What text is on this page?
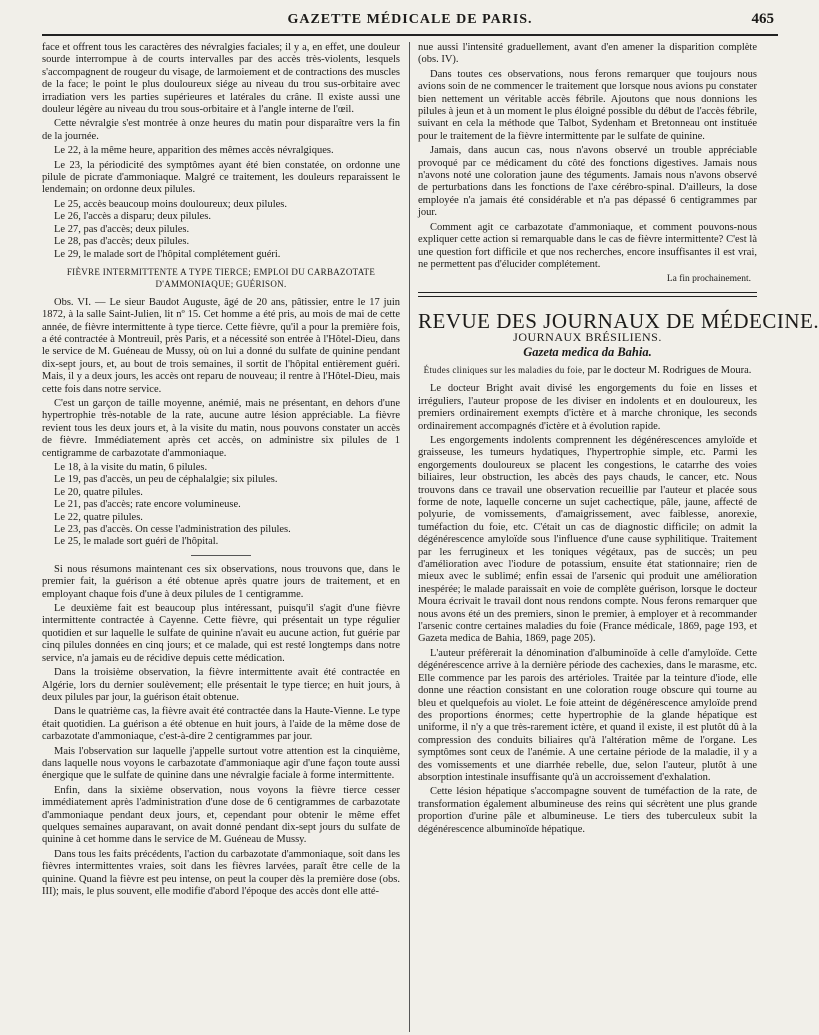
GAZETTE MÉDICALE DE PARIS.	465

face et offrent tous les caractères des névralgies faciales; il y a, en effet, une douleur sourde interrompue à de courts intervalles par des accès très-violents, lesquels s'accompagnent de rougeur du visage, de larmoiement et de contractions des muscles de la face; le point le plus douloureux siége au niveau du trou sus-orbitaire avec irradiation vers les parties supérieures et latérales du crâne. Il existe aussi une douleur légère au niveau du trou sous-orbitaire et à l'angle interne de l'œil.

Cette névralgie s'est montrée à onze heures du matin pour disparaître vers la fin de la journée.

Le 22, à la même heure, apparition des mêmes accès névralgiques.

Le 23, la périodicité des symptômes ayant été bien constatée, on ordonne une pilule de picrate d'ammoniaque. Malgré ce traitement, les douleurs reparaissent le lendemain; on ordonne deux pilules.

Le 25, accès beaucoup moins douloureux; deux pilules.

Le 26, l'accès a disparu; deux pilules.

Le 27, pas d'accès; deux pilules.

Le 28, pas d'accès; deux pilules.

Le 29, le malade sort de l'hôpital complétement guéri.

FIÈVRE INTERMITTENTE A TYPE TIERCE; EMPLOI DU CARBAZOTATE D'AMMONIAQUE; GUÉRISON.

Obs. VI. — Le sieur Baudot Auguste, âgé de 20 ans, pâtissier, entre le 17 juin 1872, à la salle Saint-Julien, lit nº 15. Cet homme a été pris, au mois de mai de cette année, de fièvre intermittente à type tierce. Cette fièvre, qu'il a pour la première fois, a été contractée à Montreuil, près Paris, et a nécessité son entrée à l'Hôtel-Dieu, dans le service de M. Guéneau de Mussy, où on lui a donné du sulfate de quinine pendant dix-sept jours, et, au bout de trois semaines, il sortit de l'hôpital entièrement guéri. Mais, il y a deux jours, les accès ont reparu de nouveau; il rentre à l'Hôtel-Dieu, mais cette fois dans notre service.

C'est un garçon de taille moyenne, anémié, mais ne présentant, en dehors d'une hypertrophie très-notable de la rate, aucune autre lésion appréciable. La fièvre revient tous les deux jours et, à la visite du matin, nous pouvons constater un accès de fièvre. Immédiatement après cet accès, on administre six pilules de 1 centigramme de carbazotate d'ammoniaque.

Le 18, à la visite du matin, 6 pilules.

Le 19, pas d'accès, un peu de céphalalgie; six pilules.

Le 20, quatre pilules.

Le 21, pas d'accès; rate encore volumineuse.

Le 22, quatre pilules.

Le 23, pas d'accès. On cesse l'administration des pilules.

Le 25, le malade sort guéri de l'hôpital.

Si nous résumons maintenant ces six observations, nous trouvons que, dans le premier fait, la guérison a été obtenue après quatre jours de traitement, et en employant chaque fois d'une à deux pilules de 1 centigramme.

Le deuxième fait est beaucoup plus intéressant, puisqu'il s'agit d'une fièvre intermittente contractée à Cayenne. Cette fièvre, qui présentait un type régulier quotidien et sur laquelle le sulfate de quinine n'avait eu aucune action, fut guérie par cinq pilules données en cinq jours; et ce malade, qui est resté longtemps dans notre service, n'a jamais eu de récidive depuis cette médication.

Dans la troisième observation, la fièvre intermittente avait été contractée en Algérie, lors du dernier soulèvement; elle présentait le type tierce; en huit jours, à deux pilules par jour, la guérison était obtenue.

Dans le quatrième cas, la fièvre avait été contractée dans la Haute-Vienne. Le type était quotidien. La guérison a été obtenue en huit jours, à l'aide de la même dose de carbazotate d'ammoniaque, c'est-à-dire 2 centigrammes par jour.

Mais l'observation sur laquelle j'appelle surtout votre attention est la cinquième, dans laquelle nous voyons le carbazotate d'ammoniaque agir d'une façon toute aussi énergique que le sulfate de quinine dans une névralgie faciale à forme intermittente.

Enfin, dans la sixième observation, nous voyons la fièvre tierce cesser immédiatement après l'administration d'une dose de 6 centigrammes de carbazotate d'ammoniaque pendant deux jours, et, cependant pour obtenir le même effet quelques semaines auparavant, on avait donné pendant dix-sept jours du sulfate de quinine à cet homme dans le service de M. Guéneau de Mussy.

Dans tous les faits précédents, l'action du carbazotate d'ammoniaque, soit dans les fièvres intermittentes vraies, soit dans les fièvres larvées, paraît être celle de la quinine. Quand la fièvre est peu intense, on peut la couper dès la première dose (obs. III); mais, le plus souvent, elle modifie d'abord l'époque des accès dont elle atté-

nue aussi l'intensité graduellement, avant d'en amener la disparition complète (obs. IV).

Dans toutes ces observations, nous ferons remarquer que toujours nous avions soin de ne commencer le traitement que lorsque nous avions pu constater bien nettement un véritable accès fébrile. Ajoutons que nous donnions les pilules à jeun et à un moment le plus éloigné possible du début de l'accès fébrile, suivant en cela la méthode que Talbot, Sydenham et Bretonneau ont instituée pour le traitement de la fièvre intermittente par le sulfate de quinine.

Jamais, dans aucun cas, nous n'avons observé un trouble appréciable provoqué par ce médicament du côté des fonctions digestives. Jamais nous n'avons noté une coloration jaune des téguments. Jamais nous n'avons observé de perturbations dans les fonctions de l'axe cérébro-spinal. D'ailleurs, la dose employée n'a jamais été considérable et n'a pas dépassé 6 centigrammes par jour.

Comment agit ce carbazotate d'ammoniaque, et comment pouvons-nous expliquer cette action si remarquable dans le cas de fièvre intermittente? C'est là une question fort difficile et que nos recherches, encore insuffisantes il est vrai, ne permettent pas d'élucider complétement.

La fin prochainement.

REVUE DES JOURNAUX DE MÉDECINE.

JOURNAUX BRÉSILIENS.

Gazeta medica da Bahia.

Études cliniques sur les maladies du foie, par le docteur M. Rodrigues de Moura.

Le docteur Bright avait divisé les engorgements du foie en lisses et irréguliers, l'auteur propose de les diviser en indolents et en douloureux, les premiers ordinairement exempts d'ictère et à marche chronique, les seconds ordinairement accompagnés d'ictère et à évolution rapide.

Les engorgements indolents comprennent les dégénérescences amyloïde et graisseuse, les tumeurs hydatiques, l'hypertrophie simple, etc. Parmi les engorgements douloureux se placent les congestions, le catarrhe des voies biliaires, leur obstruction, les abcès des pays chauds, le cancer, etc. Nous trouvons dans ce travail une observation recueillie par l'auteur et placée sous forme de note, laquelle concerne un sujet cachectique, pâle, jaune, affecté de polyurie, de vomissements, d'amaigrissement, avec faiblesse, anorexie, tuméfaction du foie, etc. C'était un cas de diagnostic difficile; on admit la dégénérescence amyloïde sous l'influence d'une cause syphilitique. Traitement par les ferrugineux et les toniques végétaux, pas de succès; un peu d'amélioration avec l'iodure de potassium, ensuite état stationnaire; rien de mieux avec le sublimé; enfin essai de l'arsenic qui produit une amélioration inespérée; le malade paraissait en voie de complète guérison, lorsque le docteur Moura écrivait le travail dont nous rendons compte. Nous ferons remarquer que nous avons été un des premiers, sinon le premier, à employer et à recommander l'arsenic contre certaines maladies du foie (France médicale, 1869, page 193, et Gazeta medica de Bahia, 1869, page 205).

L'auteur préfèrerait la dénomination d'albuminoïde à celle d'amyloïde. Cette dégénérescence arrive à la dernière période des cachexies, dans le marasme, etc. Elle commence par les parois des artérioles. Traitée par la teinture d'iode, elle donne une réaction consistant en une coloration rouge obscure qui tourne au bleu et quelquefois au violet. Le foie atteint de dégénérescence amyloïde prend des proportions énormes; cette hypertrophie de la glande hépatique est uniforme, il n'y a que très-rarement ictère, et quand il existe, il est plutôt dû à la compression des conduits biliaires qu'à l'altération même de l'organe. Les symptômes sont ceux de l'anémie. A une certaine période de la maladie, il y a des vomissements et une diarrhée rebelle, due, selon l'auteur, plutôt à une absorption intestinale insuffisante qu'à un accroissement d'exhalation.

Cette lésion hépatique s'accompagne souvent de tuméfaction de la rate, de transformation également albumineuse des reins qui sécrètent une plus grande proportion d'urine pâle et albumineuse. Le tiers des tuberculeux subit la dégénérescence albuminoïde hépatique.
